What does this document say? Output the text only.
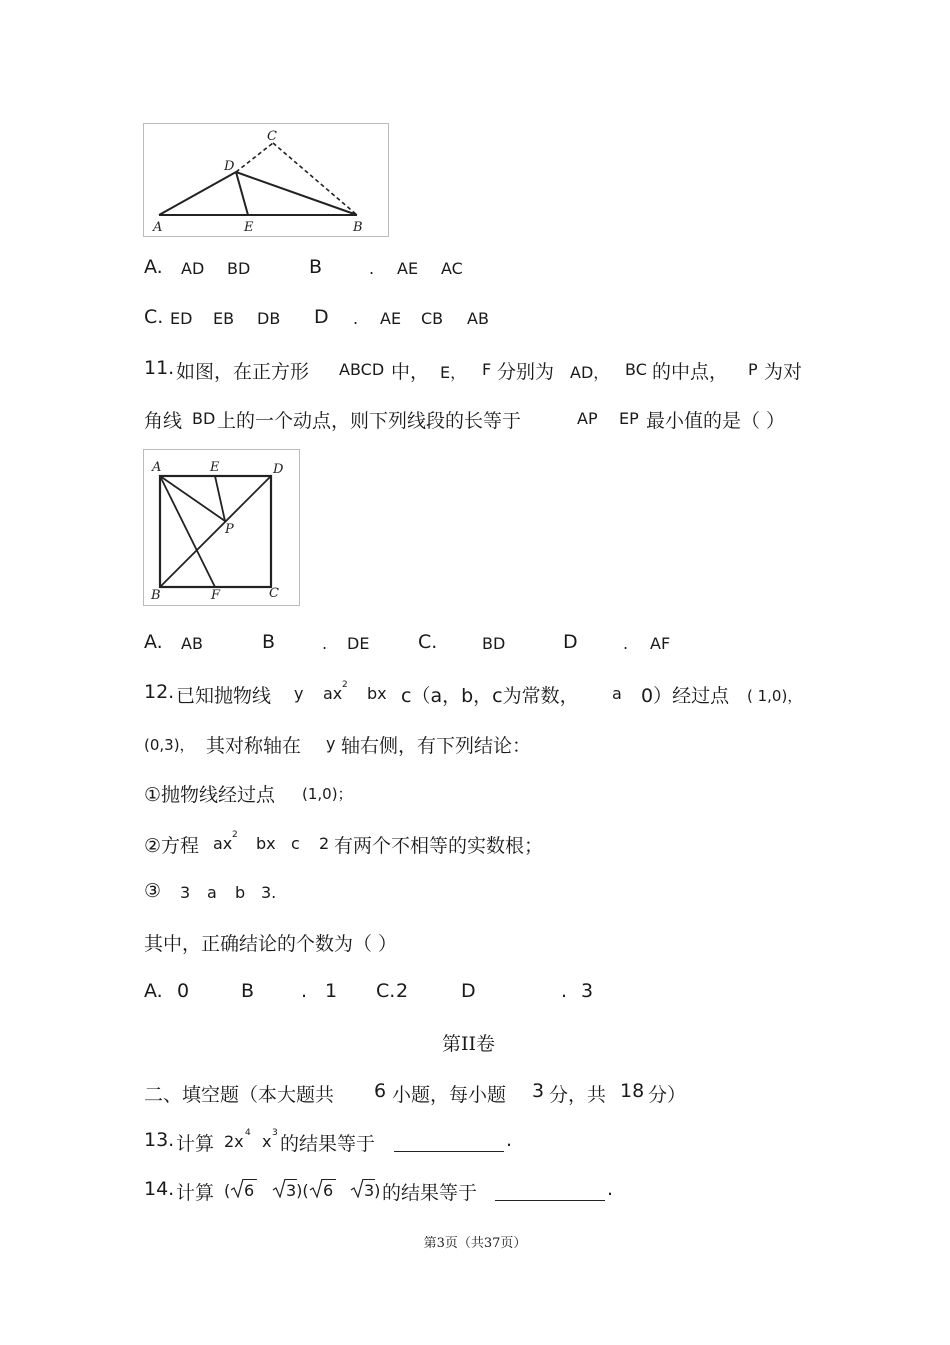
A	E	B
D
C
A. AD BD	B	. AE AC
C. ED EB DB D . AE CB AB
11. 如图，在正方形 ABCD 中， E， F 分别为 AD， BC 的中点， P 为对
角线 BD 上的一个动点，则下列线段的长等于	AP EP 最小值的是（ ）
A	E	D
P
B	F	C
A. AB	B	. DE	C.	BD	D	. AF
12. 已知抛物线 y ax 2 bx c（a，b，c为常数， a 0）经过点 ( 1,0)，
(0,3)， 其对称轴在 y 轴右侧，有下列结论：
①抛物线经过点 (1,0)；
②方程 ax 2 bx c 2 有两个不相等的实数根；
③ 3 a b 3.
其中，正确结论的个数为（ ）
A. 0	B . 1 C. 2	D	. 3
第II卷
二、填空题（本大题共 6 小题，每小题 3 分，共 18 分）
13. 计算 2x 4 x 3 的结果等于	.
14. 计算 ( 6 3)( 6 3) 的结果等于	.
第3页（共37页）
